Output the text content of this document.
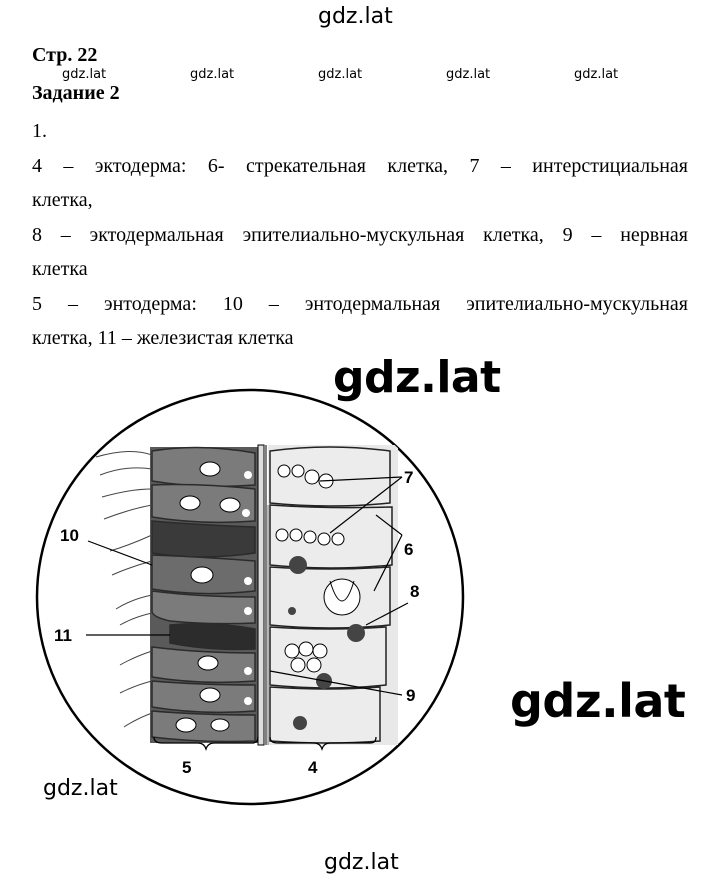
gdz.lat
gdz.lat	gdz.lat	gdz.lat	gdz.lat	gdz.lat
Стр. 22
Задание 2

1.

4 – эктодерма: 6- стрекательная клетка, 7 – интерстициальная

клетка,

8 – эктодермальная эпителиально-мускульная клетка, 9 – нервная

клетка

5 – энтодерма: 10 – энтодермальная эпителиально-мускульная

клетка, 11 – железистая клетка

7
6
8
9
10
11
5	4
gdz.lat
gdz.lat
gdz.lat
gdz.lat
